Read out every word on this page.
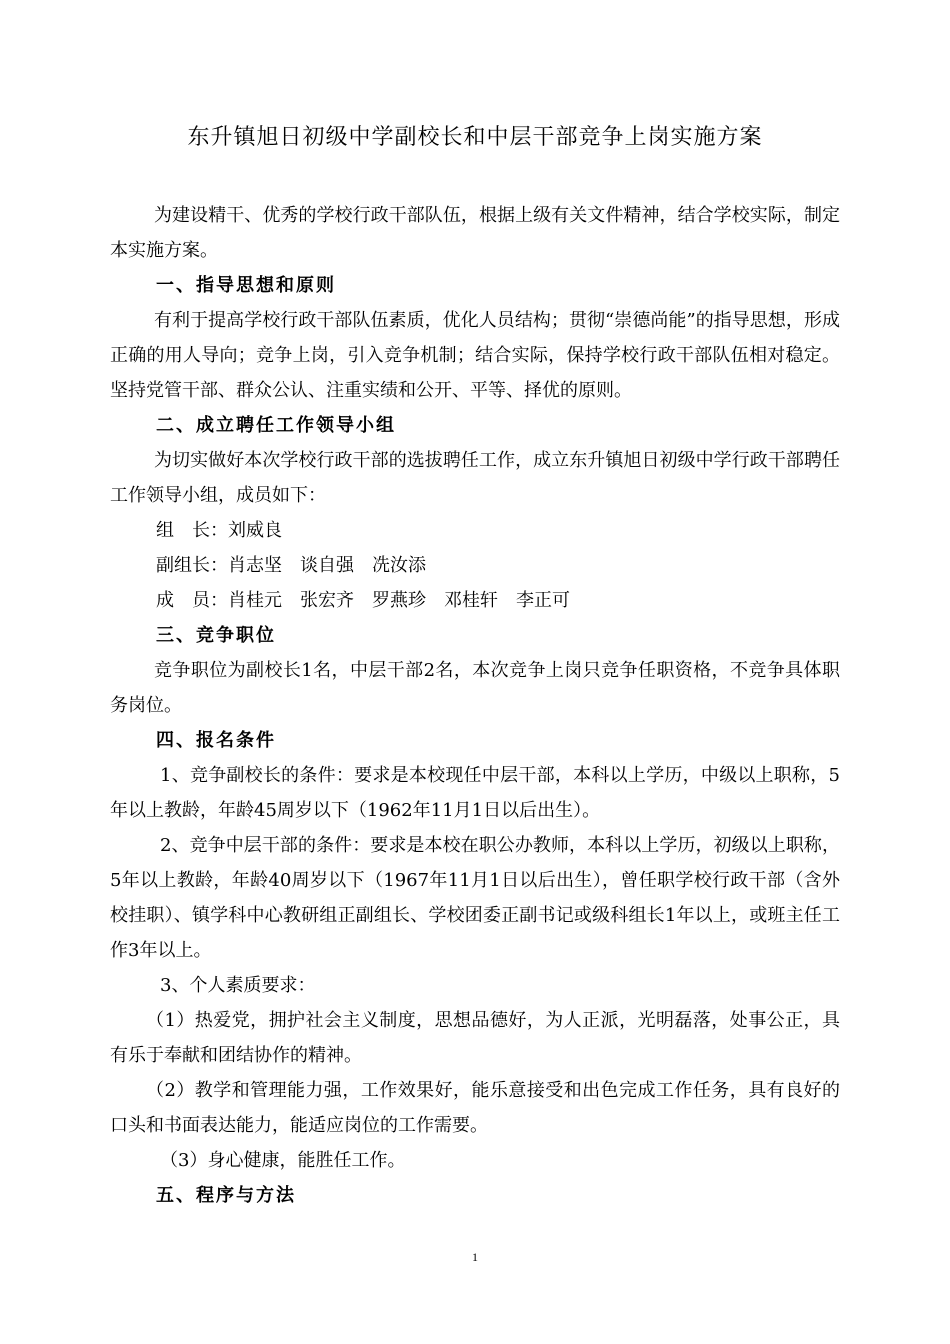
东升镇旭日初级中学副校长和中层干部竞争上岗实施方案

为建设精干、优秀的学校行政干部队伍，根据上级有关文件精神，结合学校实际，制定本实施方案。

一、指导思想和原则

有利于提高学校行政干部队伍素质，优化人员结构；贯彻“崇德尚能”的指导思想，形成正确的用人导向；竞争上岗，引入竞争机制；结合实际，保持学校行政干部队伍相对稳定。坚持党管干部、群众公认、注重实绩和公开、平等、择优的原则。

二、成立聘任工作领导小组

为切实做好本次学校行政干部的选拔聘任工作，成立东升镇旭日初级中学行政干部聘任工作领导小组，成员如下：

组　长：刘威良

副组长：肖志坚　谈自强　冼汝添

成　员：肖桂元　张宏齐　罗燕珍　邓桂轩　李正可

三、竞争职位

竞争职位为副校长1名，中层干部2名，本次竞争上岗只竞争任职资格，不竞争具体职务岗位。

四、报名条件

1、竞争副校长的条件：要求是本校现任中层干部，本科以上学历，中级以上职称，5年以上教龄，年龄45周岁以下（1962年11月1日以后出生）。

2、竞争中层干部的条件：要求是本校在职公办教师，本科以上学历，初级以上职称，5年以上教龄，年龄40周岁以下（1967年11月1日以后出生），曾任职学校行政干部（含外校挂职）、镇学科中心教研组正副组长、学校团委正副书记或级科组长1年以上，或班主任工作3年以上。

3、个人素质要求：

（1）热爱党，拥护社会主义制度，思想品德好，为人正派，光明磊落，处事公正，具有乐于奉献和团结协作的精神。

（2）教学和管理能力强，工作效果好，能乐意接受和出色完成工作任务，具有良好的口头和书面表达能力，能适应岗位的工作需要。

（3）身心健康，能胜任工作。

五、程序与方法

1
